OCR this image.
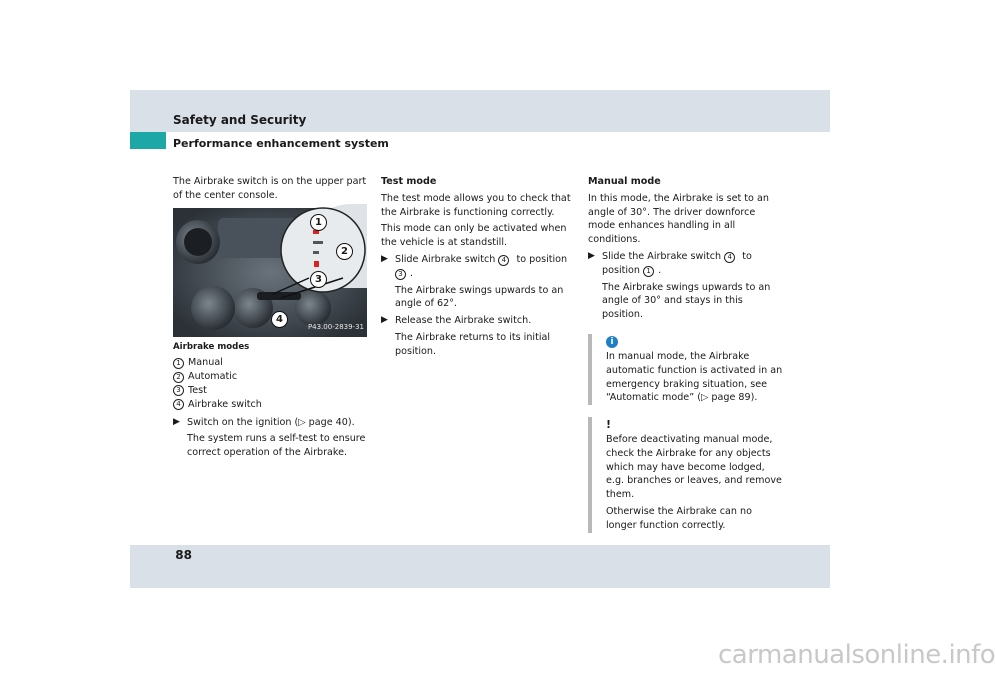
Safety and Security
Performance enhancement system

The Airbrake switch is on the upper part of the center console.

1
2
3
4
P43.00-2839-31
Airbrake modes
1 Manual
2 Automatic
3 Test
4 Airbrake switch
▶ Switch on the ignition (▷ page 40).

The system runs a self-test to ensure correct operation of the Airbrake.

Test mode

The test mode allows you to check that the Airbrake is functioning correctly.

This mode can only be activated when the vehicle is at standstill.

▶ Slide Airbrake switch 4 to position 3 .

The Airbrake swings upwards to an angle of 62°.

▶ Release the Airbrake switch.

The Airbrake returns to its initial position.

Manual mode

In this mode, the Airbrake is set to an angle of 30°. The driver downforce mode enhances handling in all conditions.

▶ Slide the Airbrake switch 4 to position 1 .

The Airbrake swings upwards to an angle of 30° and stays in this position.

i

In manual mode, the Airbrake automatic function is activated in an emergency braking situation, see “Automatic mode” (▷ page 89).

!

Before deactivating manual mode, check the Airbrake for any objects which may have become lodged, e.g. branches or leaves, and remove them.

Otherwise the Airbrake can no longer function correctly.

88
carmanualsonline.info
